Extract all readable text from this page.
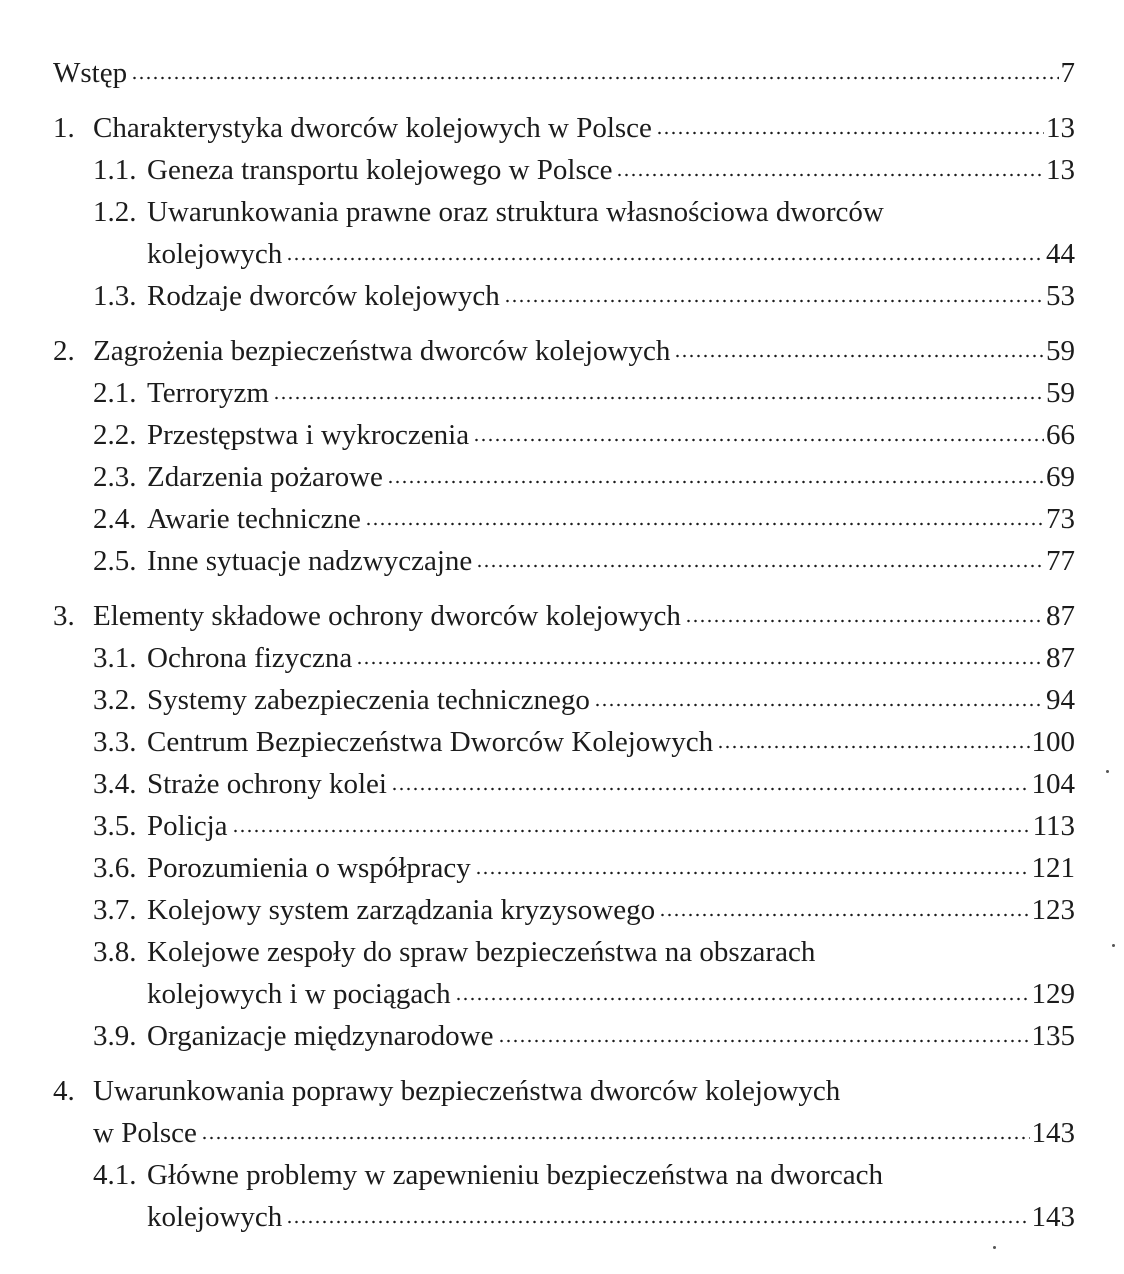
Wstęp	7
1. Charakterystyka dworców kolejowych w Polsce	13
1.1. Geneza transportu kolejowego w Polsce	13
1.2. Uwarunkowania prawne oraz struktura własnościowa dworców
kolejowych	44
1.3. Rodzaje dworców kolejowych	53
2. Zagrożenia bezpieczeństwa dworców kolejowych	59
2.1. Terroryzm	59
2.2. Przestępstwa i wykroczenia	66
2.3. Zdarzenia pożarowe	69
2.4. Awarie techniczne	73
2.5. Inne sytuacje nadzwyczajne	77
3. Elementy składowe ochrony dworców kolejowych	87
3.1. Ochrona fizyczna	87
3.2. Systemy zabezpieczenia technicznego	94
3.3. Centrum Bezpieczeństwa Dworców Kolejowych	100
3.4. Straże ochrony kolei	104
3.5. Policja	113
3.6. Porozumienia o współpracy	121
3.7. Kolejowy system zarządzania kryzysowego	123
3.8. Kolejowe zespoły do spraw bezpieczeństwa na obszarach
kolejowych i w pociągach	129
3.9. Organizacje międzynarodowe	135
4. Uwarunkowania poprawy bezpieczeństwa dworców kolejowych
w Polsce	143
4.1. Główne problemy w zapewnieniu bezpieczeństwa na dworcach
kolejowych	143
